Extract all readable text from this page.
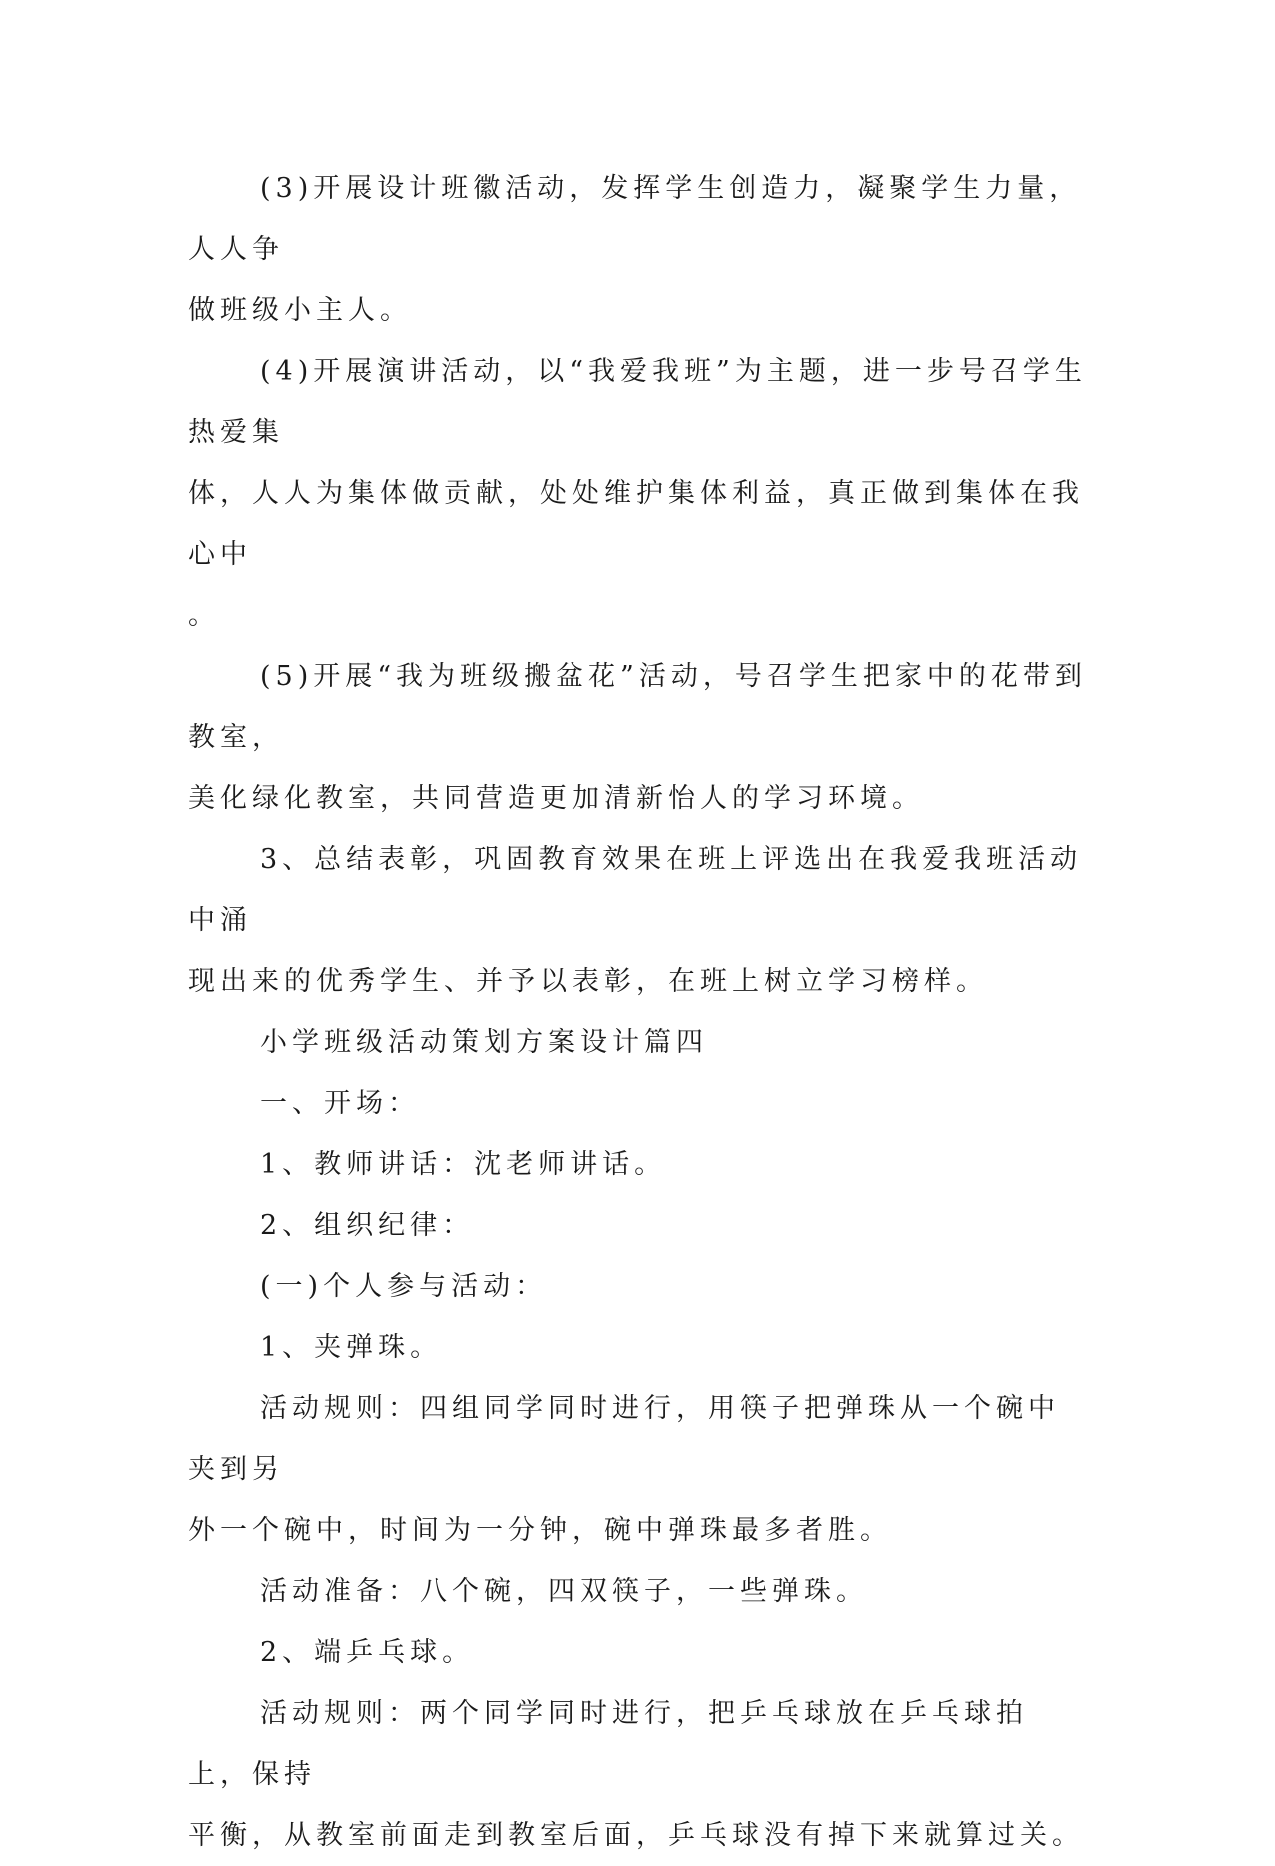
(3)开展设计班徽活动，发挥学生创造力，凝聚学生力量，人人争
做班级小主人。
(4)开展演讲活动，以“我爱我班”为主题，进一步号召学生热爱集
体，人人为集体做贡献，处处维护集体利益，真正做到集体在我心中
。
(5)开展“我为班级搬盆花”活动，号召学生把家中的花带到教室，
美化绿化教室，共同营造更加清新怡人的学习环境。
3、总结表彰，巩固教育效果在班上评选出在我爱我班活动中涌
现出来的优秀学生、并予以表彰，在班上树立学习榜样。
小学班级活动策划方案设计篇四
一、开场：
1、教师讲话：沈老师讲话。
2、组织纪律：
(一)个人参与活动：
1、夹弹珠。
活动规则：四组同学同时进行，用筷子把弹珠从一个碗中夹到另
外一个碗中，时间为一分钟，碗中弹珠最多者胜。
活动准备：八个碗，四双筷子，一些弹珠。
2、端乒乓球。
活动规则：两个同学同时进行，把乒乓球放在乒乓球拍上，保持
平衡，从教室前面走到教室后面，乒乓球没有掉下来就算过关。
